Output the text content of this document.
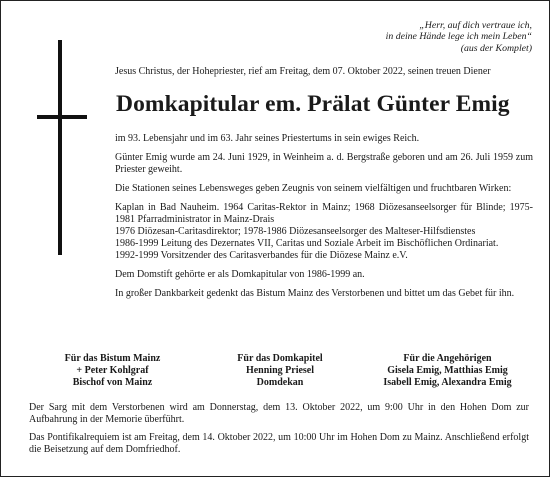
„Herr, auf dich vertraue ich,
in deine Hände lege ich mein Leben“
(aus der Komplet)
Jesus Christus, der Hohepriester, rief am Freitag, dem 07. Oktober 2022, seinen treuen Diener
Domkapitular em. Prälat Günter Emig

im 93. Lebensjahr und im 63. Jahr seines Priestertums in sein ewiges Reich.

Günter Emig wurde am 24. Juni 1929, in Weinheim a. d. Bergstraße geboren und am 26. Juli 1959 zum Priester geweiht.

Die Stationen seines Lebensweges geben Zeugnis von seinem vielfältigen und fruchtbaren Wirken:

Kaplan in Bad Nauheim. 1964 Caritas-Rektor in Mainz; 1968 Diözesanseelsorger für Blinde; 1975-1981 Pfarradministrator in Mainz-Drais
1976 Diözesan-Caritasdirektor; 1978-1986 Diözesanseelsorger des Malteser-Hilfsdienstes
1986-1999 Leitung des Dezernates VII, Caritas und Soziale Arbeit im Bischöflichen Ordinariat.
1992-1999 Vorsitzender des Caritasverbandes für die Diözese Mainz e.V.

Dem Domstift gehörte er als Domkapitular von 1986-1999 an.

In großer Dankbarkeit gedenkt das Bistum Mainz des Verstorbenen und bittet um das Gebet für ihn.

Für das Bistum Mainz
+ Peter Kohlgraf
Bischof von Mainz
Für das Domkapitel
Henning Priesel
Domdekan
Für die Angehörigen
Gisela Emig, Matthias Emig
Isabell Emig, Alexandra Emig

Der Sarg mit dem Verstorbenen wird am Donnerstag, dem 13. Oktober 2022, um 9:00 Uhr in den Hohen Dom zur Aufbahrung in der Memorie überführt.

Das Pontifikalrequiem ist am Freitag, dem 14. Oktober 2022, um 10:00 Uhr im Hohen Dom zu Mainz. Anschließend erfolgt die Beisetzung auf dem Domfriedhof.
